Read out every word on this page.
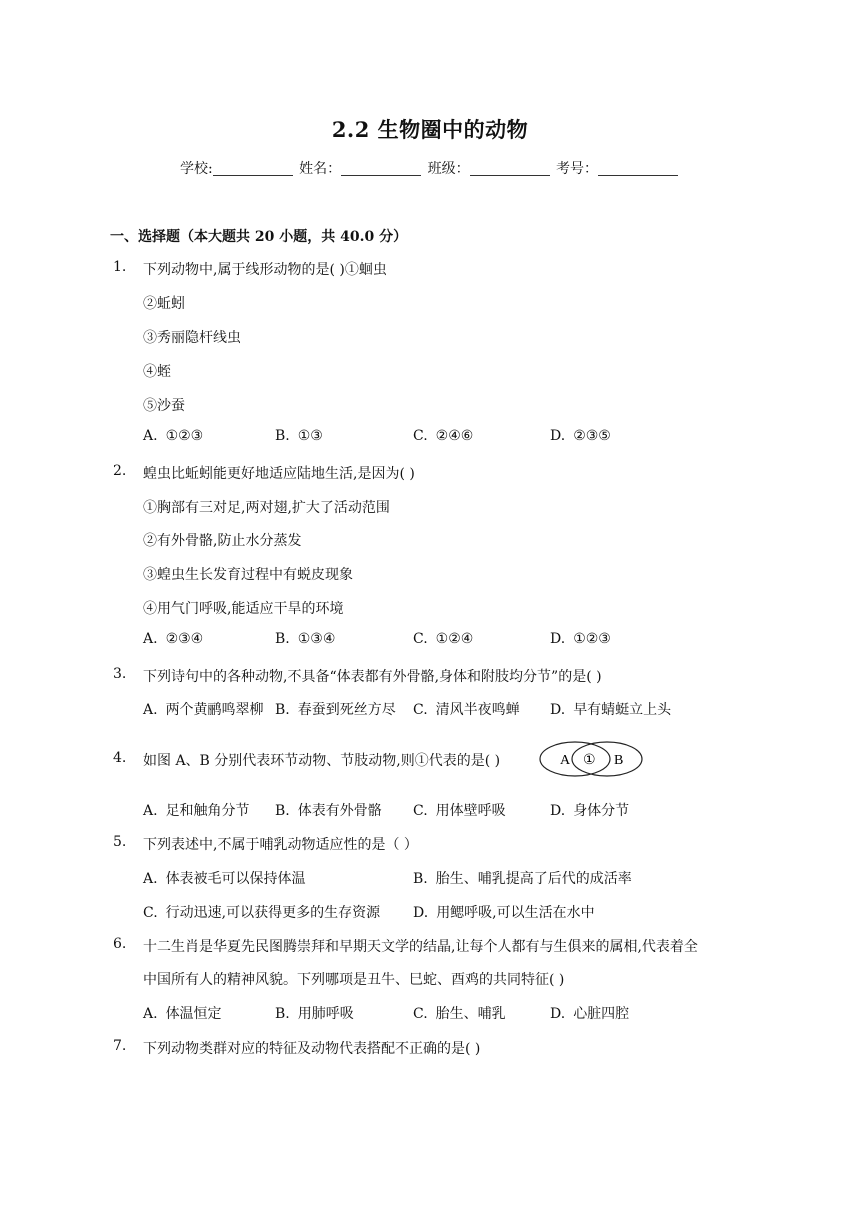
2.2 生物圈中的动物
学校:	姓名：	班级：	考号：
一、选择题（本大题共 20 小题，共 40.0 分）
1. 下列动物中,属于线形动物的是( )①蛔虫
②蚯蚓
③秀丽隐杆线虫
④蛭
⑤沙蚕
A. ①②③	B. ①③	C. ②④⑥	D. ②③⑤
2. 蝗虫比蚯蚓能更好地适应陆地生活,是因为( )
①胸部有三对足,两对翅,扩大了活动范围
②有外骨骼,防止水分蒸发
③蝗虫生长发育过程中有蜕皮现象
④用气门呼吸,能适应干旱的环境
A. ②③④	B. ①③④	C. ①②④	D. ①②③
3. 下列诗句中的各种动物,不具备“体表都有外骨骼,身体和附肢均分节”的是( )
A. 两个黄鹂鸣翠柳 B. 春蚕到死丝方尽 C. 清风半夜鸣蝉 D. 早有蜻蜓立上头
4. 如图 A、B 分别代表环节动物、节肢动物,则①代表的是( )	A ① B
A. 足和触角分节 B. 体表有外骨骼 C. 用体壁呼吸	D. 身体分节
5. 下列表述中,不属于哺乳动物适应性的是（ ）
A. 体表被毛可以保持体温	B. 胎生、哺乳提高了后代的成活率
C. 行动迅速,可以获得更多的生存资源 D. 用鳃呼吸,可以生活在水中
6. 十二生肖是华夏先民图腾崇拜和早期天文学的结晶,让每个人都有与生俱来的属相,代表着全
中国所有人的精神风貌。下列哪项是丑牛、巳蛇、酉鸡的共同特征( )
A. 体温恒定	B. 用肺呼吸	C. 胎生、哺乳	D. 心脏四腔
7. 下列动物类群对应的特征及动物代表搭配不正确的是( )
